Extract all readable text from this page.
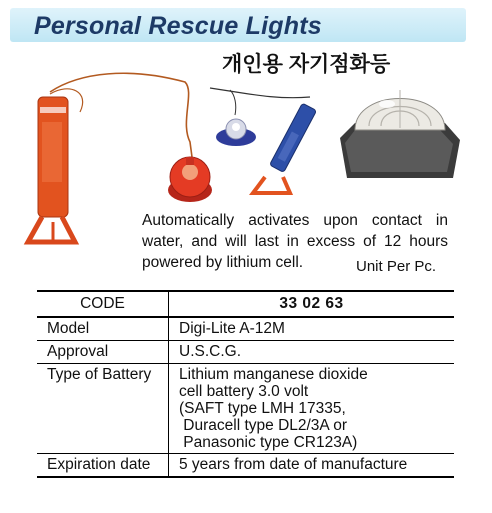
Personal Rescue Lights
개인용 자기점화등
Automatically activates upon contact in water, and will last in excess of 12 hours powered by lithium cell.	Unit Per Pc.
CODE	33 02 63
Model	Digi-Lite A-12M
Approval	U.S.C.G.
Type of Battery	Lithium manganese dioxide
cell battery 3.0 volt
(SAFT type LMH 17335,
Duracell type DL2/3A or
Panasonic type CR123A)

Expiration date	5 years from date of manufacture
